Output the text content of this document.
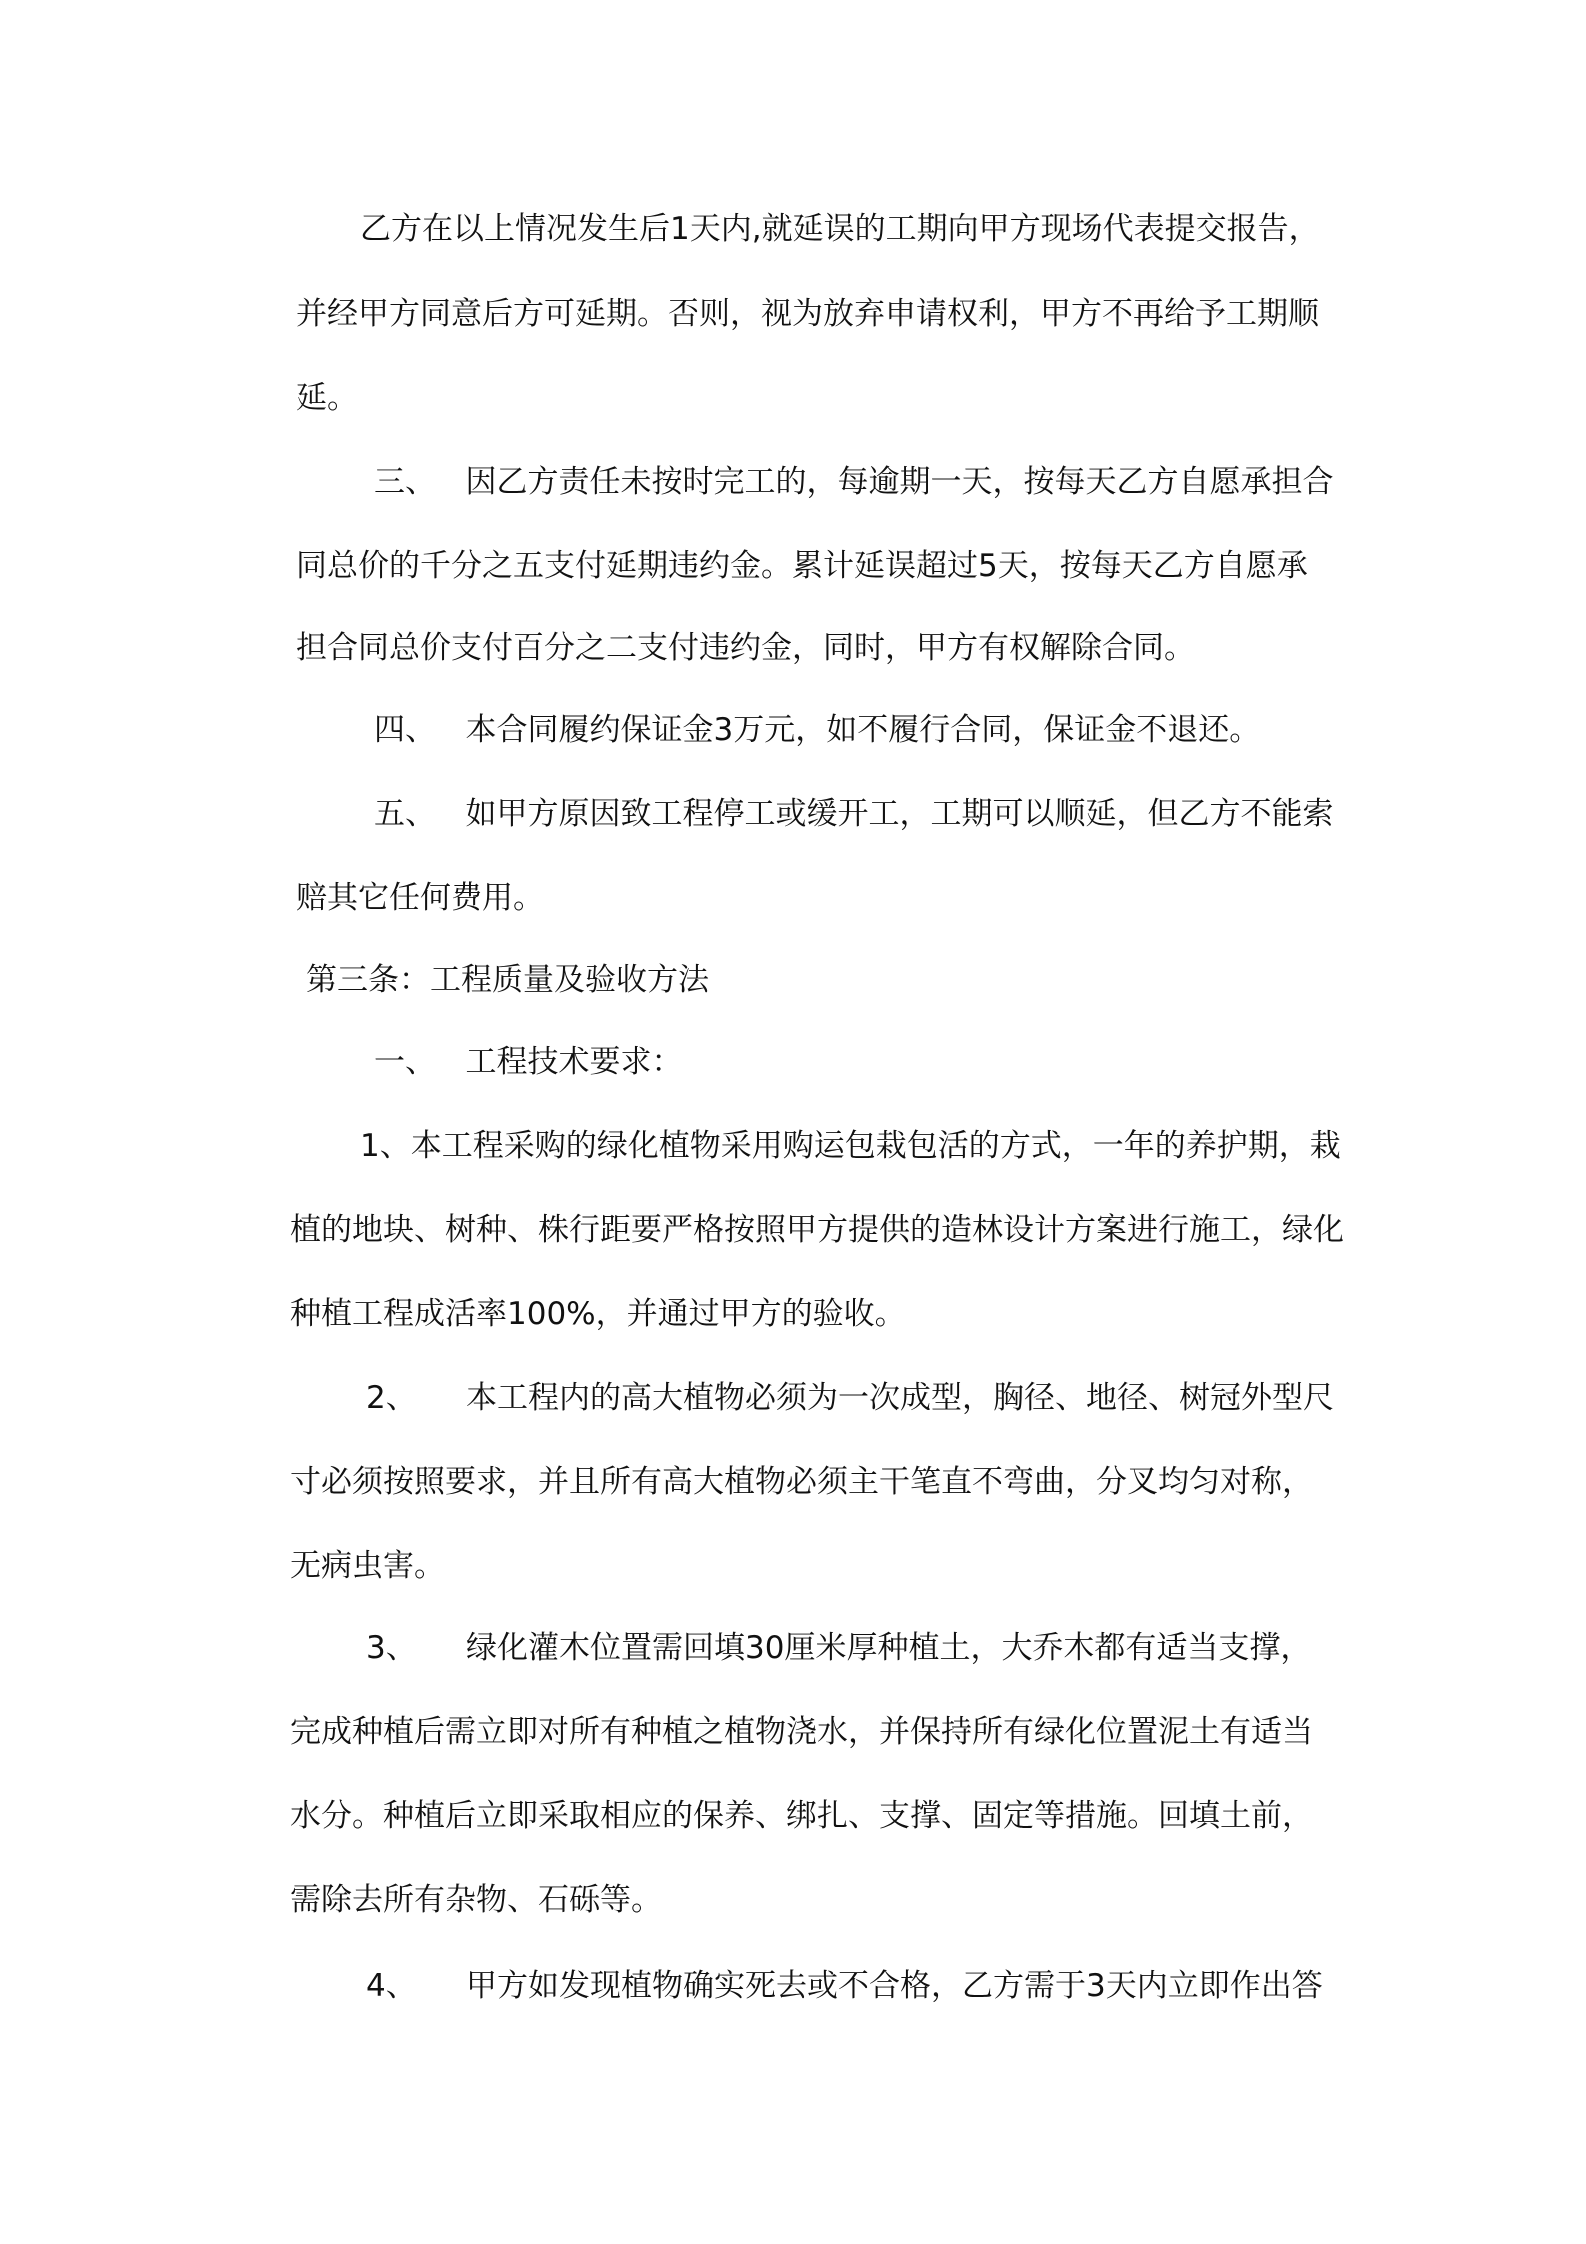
乙方在以上情况发生后1天内,就延误的工期向甲方现场代表提交报告，
并经甲方同意后方可延期。否则，视为放弃申请权利，甲方不再给予工期顺
延。
三、   因乙方责任未按时完工的，每逾期一天，按每天乙方自愿承担合
同总价的千分之五支付延期违约金。累计延误超过5天，按每天乙方自愿承
担合同总价支付百分之二支付违约金，同时，甲方有权解除合同。
四、   本合同履约保证金3万元，如不履行合同，保证金不退还。
五、   如甲方原因致工程停工或缓开工，工期可以顺延，但乙方不能索
赔其它任何费用。
第三条：工程质量及验收方法
一、   工程技术要求：
1、本工程采购的绿化植物采用购运包栽包活的方式，一年的养护期，栽
植的地块、树种、株行距要严格按照甲方提供的造林设计方案进行施工，绿化
种植工程成活率100%，并通过甲方的验收。
2、     本工程内的高大植物必须为一次成型，胸径、地径、树冠外型尺
寸必须按照要求，并且所有高大植物必须主干笔直不弯曲，分叉均匀对称，
无病虫害。
3、     绿化灌木位置需回填30厘米厚种植土，大乔木都有适当支撑，
完成种植后需立即对所有种植之植物浇水，并保持所有绿化位置泥土有适当
水分。种植后立即采取相应的保养、绑扎、支撑、固定等措施。回填土前，
需除去所有杂物、石砾等。
4、     甲方如发现植物确实死去或不合格，乙方需于3天内立即作出答
